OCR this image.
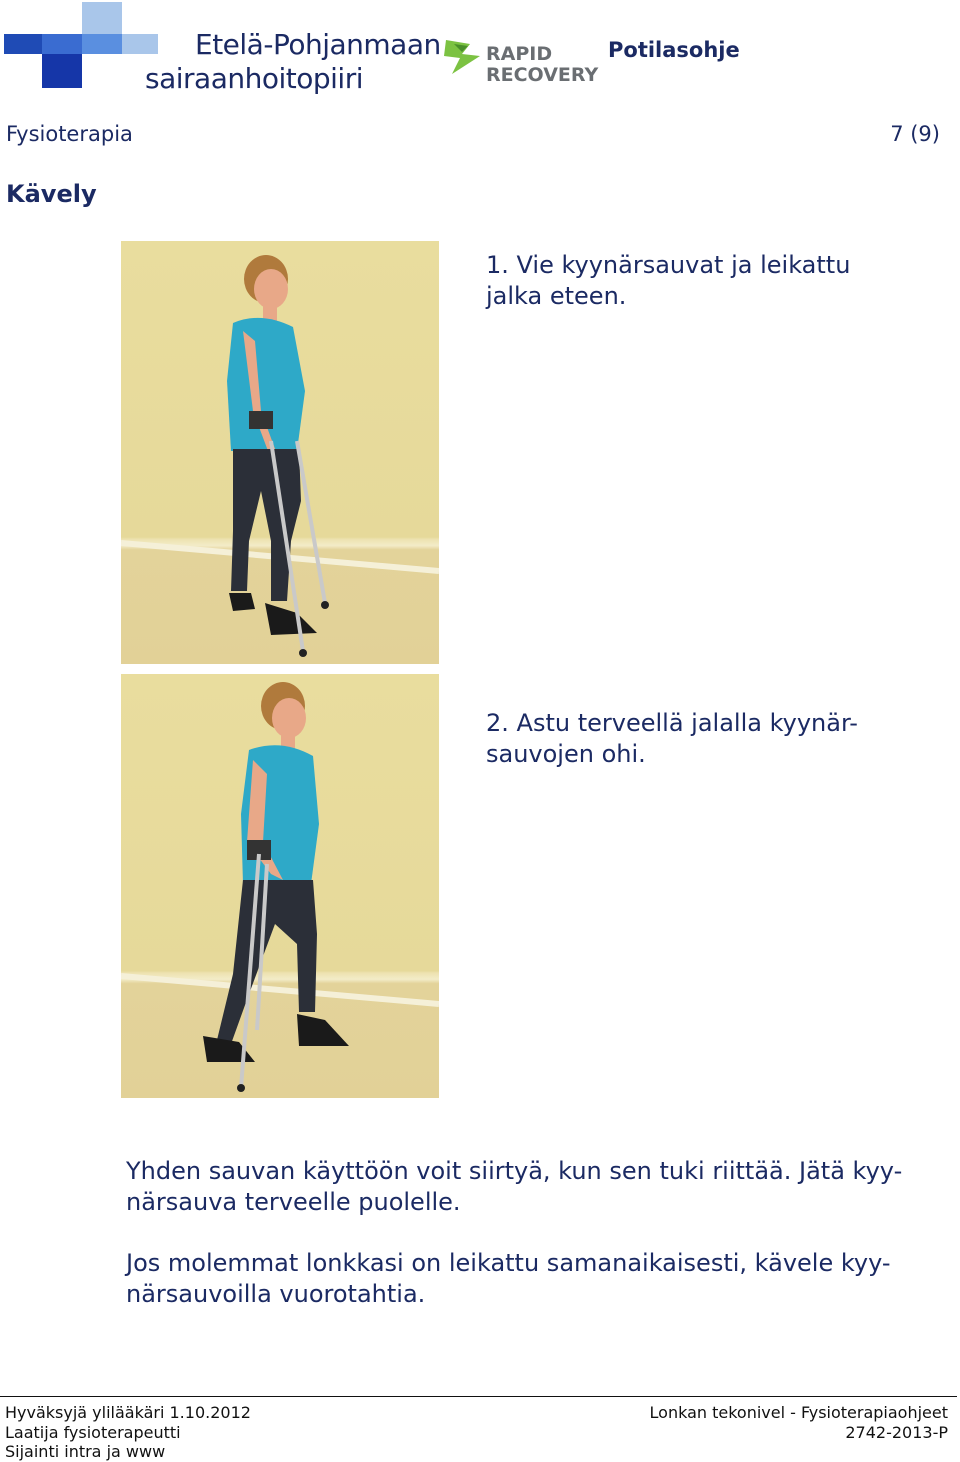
Etelä-Pohjanmaan
sairaanhoitopiiri
RAPID
RECOVERY
Potilasohje
Fysioterapia	7 (9)
Kävely
1. Vie kyynärsauvat ja leikattu
jalka eteen.
2. Astu terveellä jalalla kyynär-
sauvojen ohi.
Yhden sauvan käyttöön voit siirtyä, kun sen tuki riittää. Jätä kyy-
närsauva terveelle puolelle.
Jos molemmat lonkkasi on leikattu samanaikaisesti, kävele kyy-
närsauvoilla vuorotahtia.
Hyväksyjä ylilääkäri 1.10.2012
Laatija fysioterapeutti
Sijainti intra ja www
Lonkan tekonivel - Fysioterapiaohjeet
2742-2013-P
